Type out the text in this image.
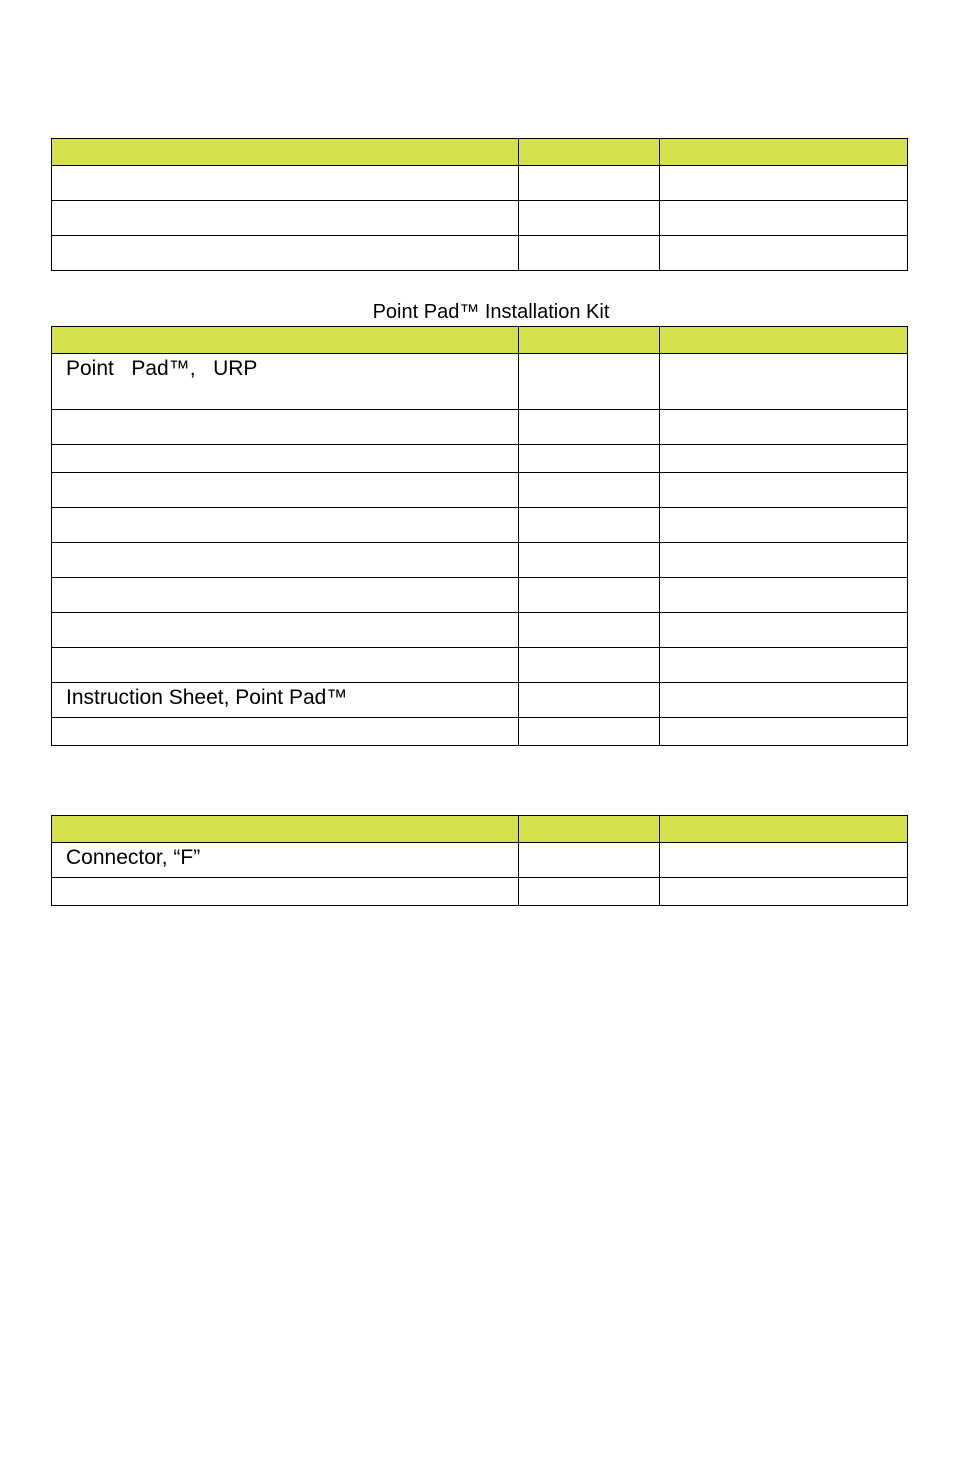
Point Pad™ Installation Kit

Point   Pad™,   URP		

Instruction Sheet, Point Pad™		

Connector, “F”		
